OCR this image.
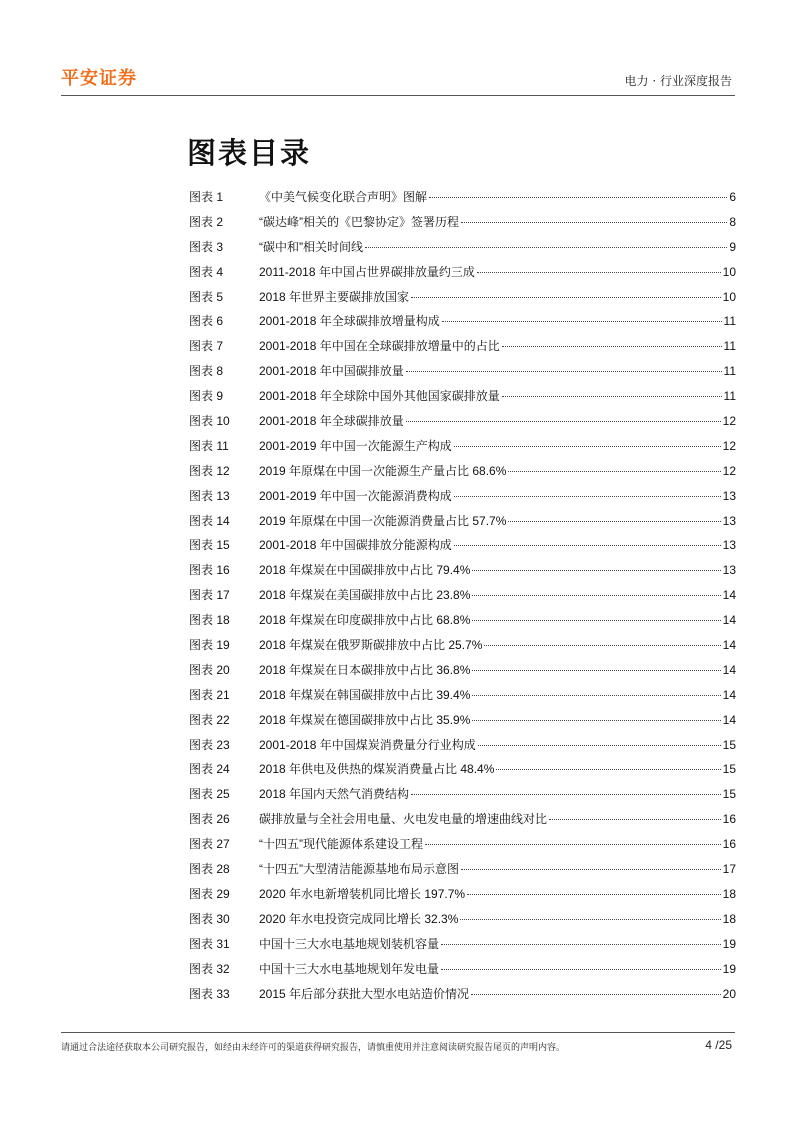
平安证券	电力 · 行业深度报告
图表目录
图表 1	《中美气候变化联合声明》图解	6
图表 2	“碳达峰”相关的《巴黎协定》签署历程	8
图表 3	“碳中和”相关时间线	9
图表 4	2011-2018 年中国占世界碳排放量约三成	10
图表 5	2018 年世界主要碳排放国家	10
图表 6	2001-2018 年全球碳排放增量构成	11
图表 7	2001-2018 年中国在全球碳排放增量中的占比	11
图表 8	2001-2018 年中国碳排放量	11
图表 9	2001-2018 年全球除中国外其他国家碳排放量	11
图表 10	2001-2018 年全球碳排放量	12
图表 11	2001-2019 年中国一次能源生产构成	12
图表 12	2019 年原煤在中国一次能源生产量占比 68.6%	12
图表 13	2001-2019 年中国一次能源消费构成	13
图表 14	2019 年原煤在中国一次能源消费量占比 57.7%	13
图表 15	2001-2018 年中国碳排放分能源构成	13
图表 16	2018 年煤炭在中国碳排放中占比 79.4%	13
图表 17	2018 年煤炭在美国碳排放中占比 23.8%	14
图表 18	2018 年煤炭在印度碳排放中占比 68.8%	14
图表 19	2018 年煤炭在俄罗斯碳排放中占比 25.7%	14
图表 20	2018 年煤炭在日本碳排放中占比 36.8%	14
图表 21	2018 年煤炭在韩国碳排放中占比 39.4%	14
图表 22	2018 年煤炭在德国碳排放中占比 35.9%	14
图表 23	2001-2018 年中国煤炭消费量分行业构成	15
图表 24	2018 年供电及供热的煤炭消费量占比 48.4%	15
图表 25	2018 年国内天然气消费结构	15
图表 26	碳排放量与全社会用电量、火电发电量的增速曲线对比	16
图表 27	“十四五”现代能源体系建设工程	16
图表 28	“十四五”大型清洁能源基地布局示意图	17
图表 29	2020 年水电新增装机同比增长 197.7%	18
图表 30	2020 年水电投资完成同比增长 32.3%	18
图表 31	中国十三大水电基地规划装机容量	19
图表 32	中国十三大水电基地规划年发电量	19
图表 33	2015 年后部分获批大型水电站造价情况	20
请通过合法途径获取本公司研究报告，如经由未经许可的渠道获得研究报告，请慎重使用并注意阅读研究报告尾页的声明内容。	4 /25
